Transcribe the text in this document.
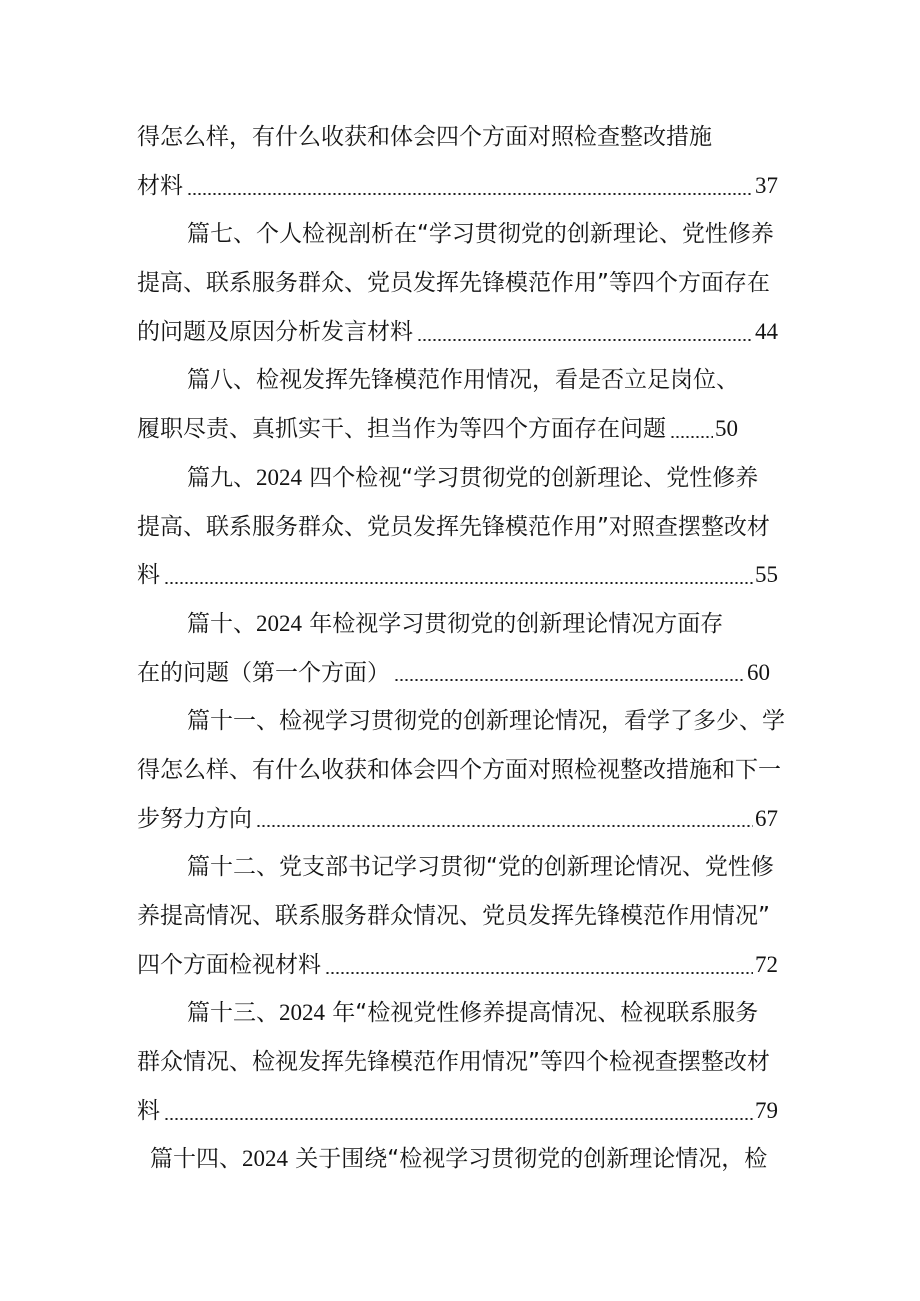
得怎么样，有什么收获和体会四个方面对照检查整改措施
材料	37
篇七、个人检视剖析在“学习贯彻党的创新理论、党性修养
提高、联系服务群众、党员发挥先锋模范作用”等四个方面存在
的问题及原因分析发言材料	44
篇八、检视发挥先锋模范作用情况，看是否立足岗位、
履职尽责、真抓实干、担当作为等四个方面存在问题 50
篇九、2024 四个检视“学习贯彻党的创新理论、党性修养
提高、联系服务群众、党员发挥先锋模范作用”对照查摆整改材
料	55
篇十、2024 年检视学习贯彻党的创新理论情况方面存
在的问题（第一个方面）	60
篇十一、检视学习贯彻党的创新理论情况，看学了多少、学
得怎么样、有什么收获和体会四个方面对照检视整改措施和下一
步努力方向	67
篇十二、党支部书记学习贯彻“党的创新理论情况、党性修
养提高情况、联系服务群众情况、党员发挥先锋模范作用情况”
四个方面检视材料	72
篇十三、2024 年“检视党性修养提高情况、检视联系服务
群众情况、检视发挥先锋模范作用情况”等四个检视查摆整改材
料	79
篇十四、2024 关于围绕“检视学习贯彻党的创新理论情况，检
